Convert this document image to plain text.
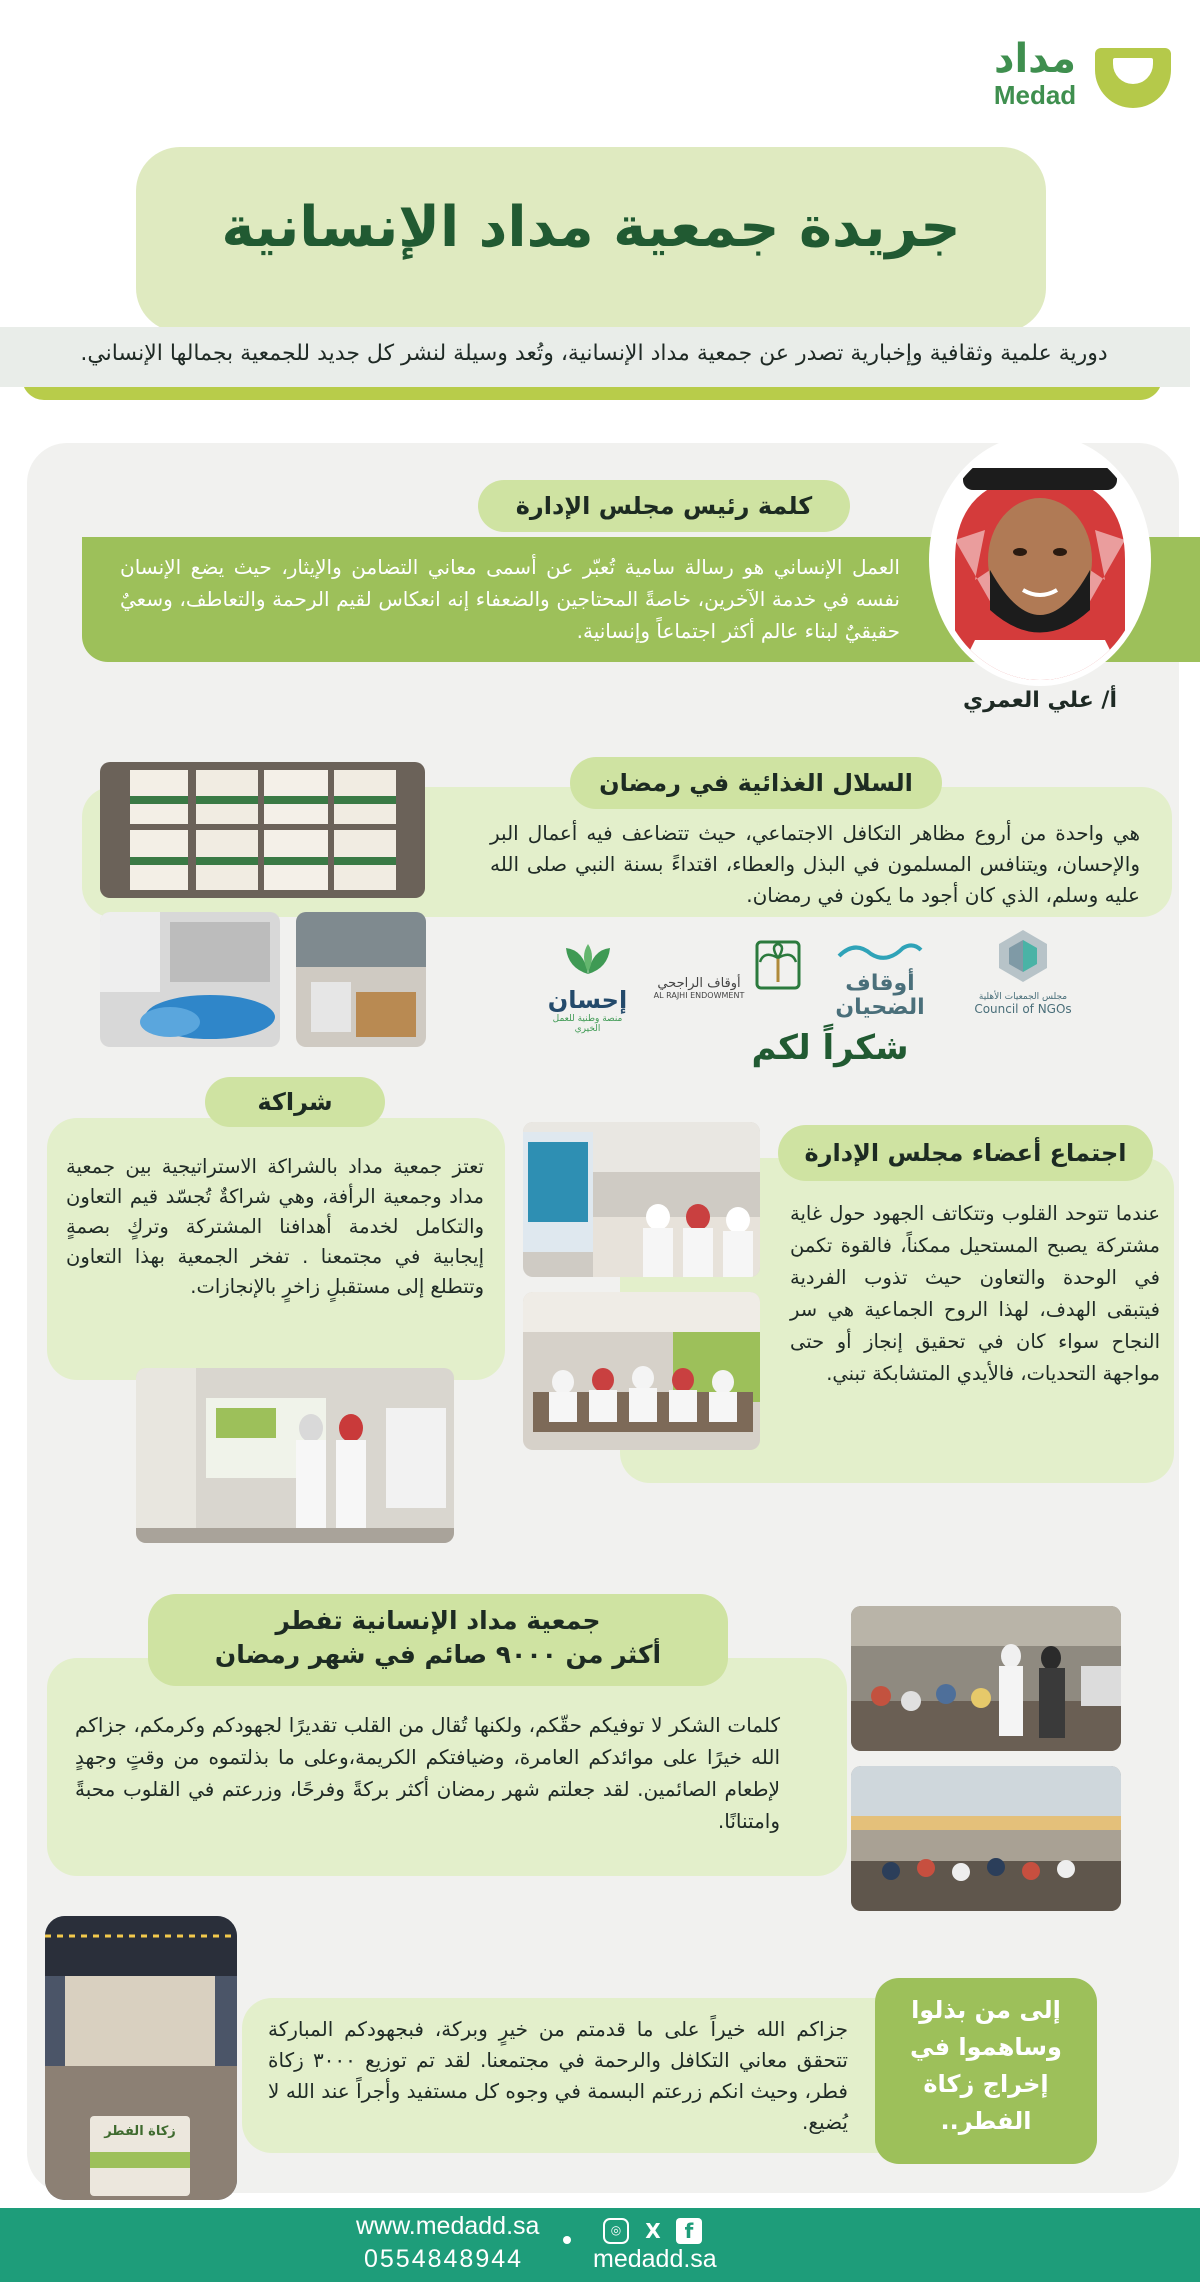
مداد
Medad
جريدة جمعية مداد الإنسانية
دورية علمية وثقافية وإخبارية تصدر عن جمعية مداد الإنسانية، وتُعد وسيلة لنشر كل جديد للجمعية بجمالها الإنساني.
كلمة رئيس مجلس الإدارة
العمل الإنساني هو رسالة سامية تُعبّر عن أسمى معاني التضامن والإيثار، حيث يضع الإنسان نفسه في خدمة الآخرين، خاصةً المحتاجين والضعفاء إنه انعكاس لقيم الرحمة والتعاطف، وسعيٌ حقيقيٌ لبناء عالم أكثر اجتماعاً وإنسانية.
أ/ علي العمري
السلال الغذائية في رمضان
هي واحدة من أروع مظاهر التكافل الاجتماعي، حيث تتضاعف فيه أعمال البر والإحسان، ويتنافس المسلمون في البذل والعطاء، اقتداءً بسنة النبي صلى الله عليه وسلم، الذي كان أجود ما يكون في رمضان.
إحسان
منصة وطنية للعمل الخيري
أوقاف الراجحي
AL RAJHI ENDOWMENT	أوقاف الضحيان	مجلس الجمعيات الأهلية
Council of NGOs
شكراً لكم
شراكة
تعتز جمعية مداد بالشراكة الاستراتيجية بين جمعية مداد وجمعية الرأفة، وهي شراكةٌ تُجسّد قيم التعاون والتكامل لخدمة أهدافنا المشتركة وتركٍ بصمةٍ إيجابية في مجتمعنا . تفخر الجمعية بهذا التعاون وتتطلع إلى مستقبلٍ زاخرٍ بالإنجازات.
اجتماع أعضاء مجلس الإدارة
عندما تتوحد القلوب وتتكاتف الجهود حول غاية مشتركة يصبح المستحيل ممكناً، فالقوة تكمن في الوحدة والتعاون حيث تذوب الفردية فيتبقى الهدف، لهذا الروح الجماعية هي سر النجاح سواء كان في تحقيق إنجاز أو حتى مواجهة التحديات، فالأيدي المتشابكة تبني.
جمعية مداد الإنسانية تفطر
أكثر من ٩٠٠٠ صائم في شهر رمضان
كلمات الشكر لا توفيكم حقّكم، ولكنها تُقال من القلب تقديرًا لجهودكم وكرمكم، جزاكم الله خيرًا على موائدكم العامرة، وضيافتكم الكريمة،وعلى ما بذلتموه من وقتٍ وجهدٍ لإطعام الصائمين. لقد جعلتم شهر رمضان أكثر بركةً وفرحًا، وزرعتم في القلوب محبةً وامتنانًا.
إلى من بذلوا وساهموا في إخراج زكاة الفطر..
جزاكم الله خيراً على ما قدمتم من خيرٍ وبركة، فبجهودكم المباركة تتحقق معاني التكافل والرحمة في مجتمعنا. لقد تم توزيع ٣٠٠٠ زكاة فطر، وحيث انكم زرعتم البسمة في وجوه كل مستفيد وأجراً عند الله لا يُضيع.
زكاة الفطر
www.medadd.sa
0554848944
◎	X	f
medadd.sa
